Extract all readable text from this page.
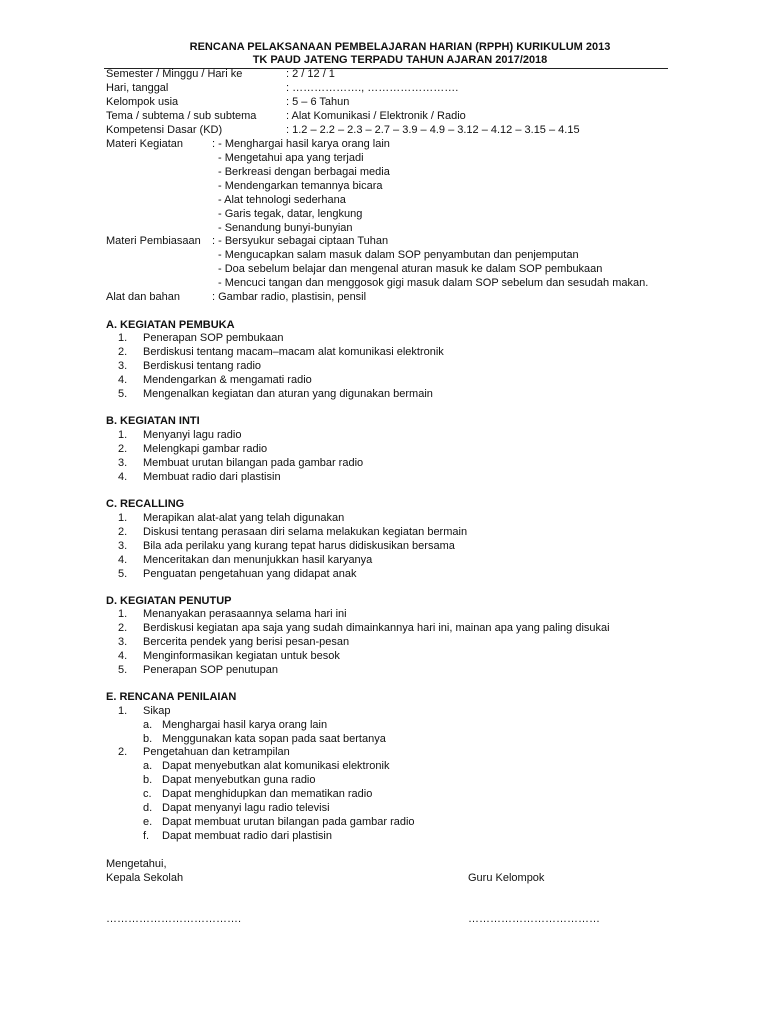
RENCANA PELAKSANAAN PEMBELAJARAN HARIAN (RPPH) KURIKULUM 2013
TK PAUD JATENG TERPADU TAHUN AJARAN 2017/2018
Semester / Minggu / Hari ke	: 2 / 12 / 1
Hari, tanggal	: ………………., …………………….
Kelompok usia	: 5 – 6 Tahun
Tema / subtema / sub subtema	: Alat Komunikasi / Elektronik / Radio
Kompetensi Dasar (KD)	: 1.2 – 2.2 – 2.3 – 2.7 – 3.9 – 4.9 – 3.12 – 4.12 – 3.15 – 4.15
Materi Kegiatan	: - Menghargai hasil karya orang lain
- Mengetahui apa yang terjadi
- Berkreasi dengan berbagai media
- Mendengarkan temannya bicara
- Alat tehnologi sederhana
- Garis tegak, datar, lengkung
- Senandung bunyi-bunyian
Materi Pembiasaan : - Bersyukur sebagai ciptaan Tuhan
- Mengucapkan salam masuk dalam SOP penyambutan dan penjemputan
- Doa sebelum belajar dan mengenal aturan masuk ke dalam SOP pembukaan
- Mencuci tangan dan menggosok gigi masuk dalam SOP sebelum dan sesudah makan.
Alat dan bahan	: Gambar radio, plastisin, pensil
A. KEGIATAN PEMBUKA
1. Penerapan SOP pembukaan
2. Berdiskusi tentang macam–macam alat komunikasi elektronik
3. Berdiskusi tentang radio
4. Mendengarkan & mengamati radio
5. Mengenalkan kegiatan dan aturan yang digunakan bermain
B. KEGIATAN INTI
1. Menyanyi lagu radio
2. Melengkapi gambar radio
3. Membuat urutan bilangan pada gambar radio
4. Membuat radio dari plastisin
C. RECALLING
1. Merapikan alat-alat yang telah digunakan
2. Diskusi tentang perasaan diri selama melakukan kegiatan bermain
3. Bila ada perilaku yang kurang tepat harus didiskusikan bersama
4. Menceritakan dan menunjukkan hasil karyanya
5. Penguatan pengetahuan yang didapat anak
D. KEGIATAN PENUTUP
1. Menanyakan perasaannya selama hari ini
2. Berdiskusi kegiatan apa saja yang sudah dimainkannya hari ini, mainan apa yang paling disukai
3. Bercerita pendek yang berisi pesan-pesan
4. Menginformasikan kegiatan untuk besok
5. Penerapan SOP penutupan
E. RENCANA PENILAIAN
1. Sikap
a. Menghargai hasil karya orang lain
b. Menggunakan kata sopan pada saat bertanya
2. Pengetahuan dan ketrampilan
a. Dapat menyebutkan alat komunikasi elektronik
b. Dapat menyebutkan guna radio
c. Dapat menghidupkan dan mematikan radio
d. Dapat menyanyi lagu radio televisi
e. Dapat membuat urutan bilangan pada gambar radio
f. Dapat membuat radio dari plastisin
Mengetahui,
Kepala Sekolah	Guru Kelompok
……………………………….	………………………………
